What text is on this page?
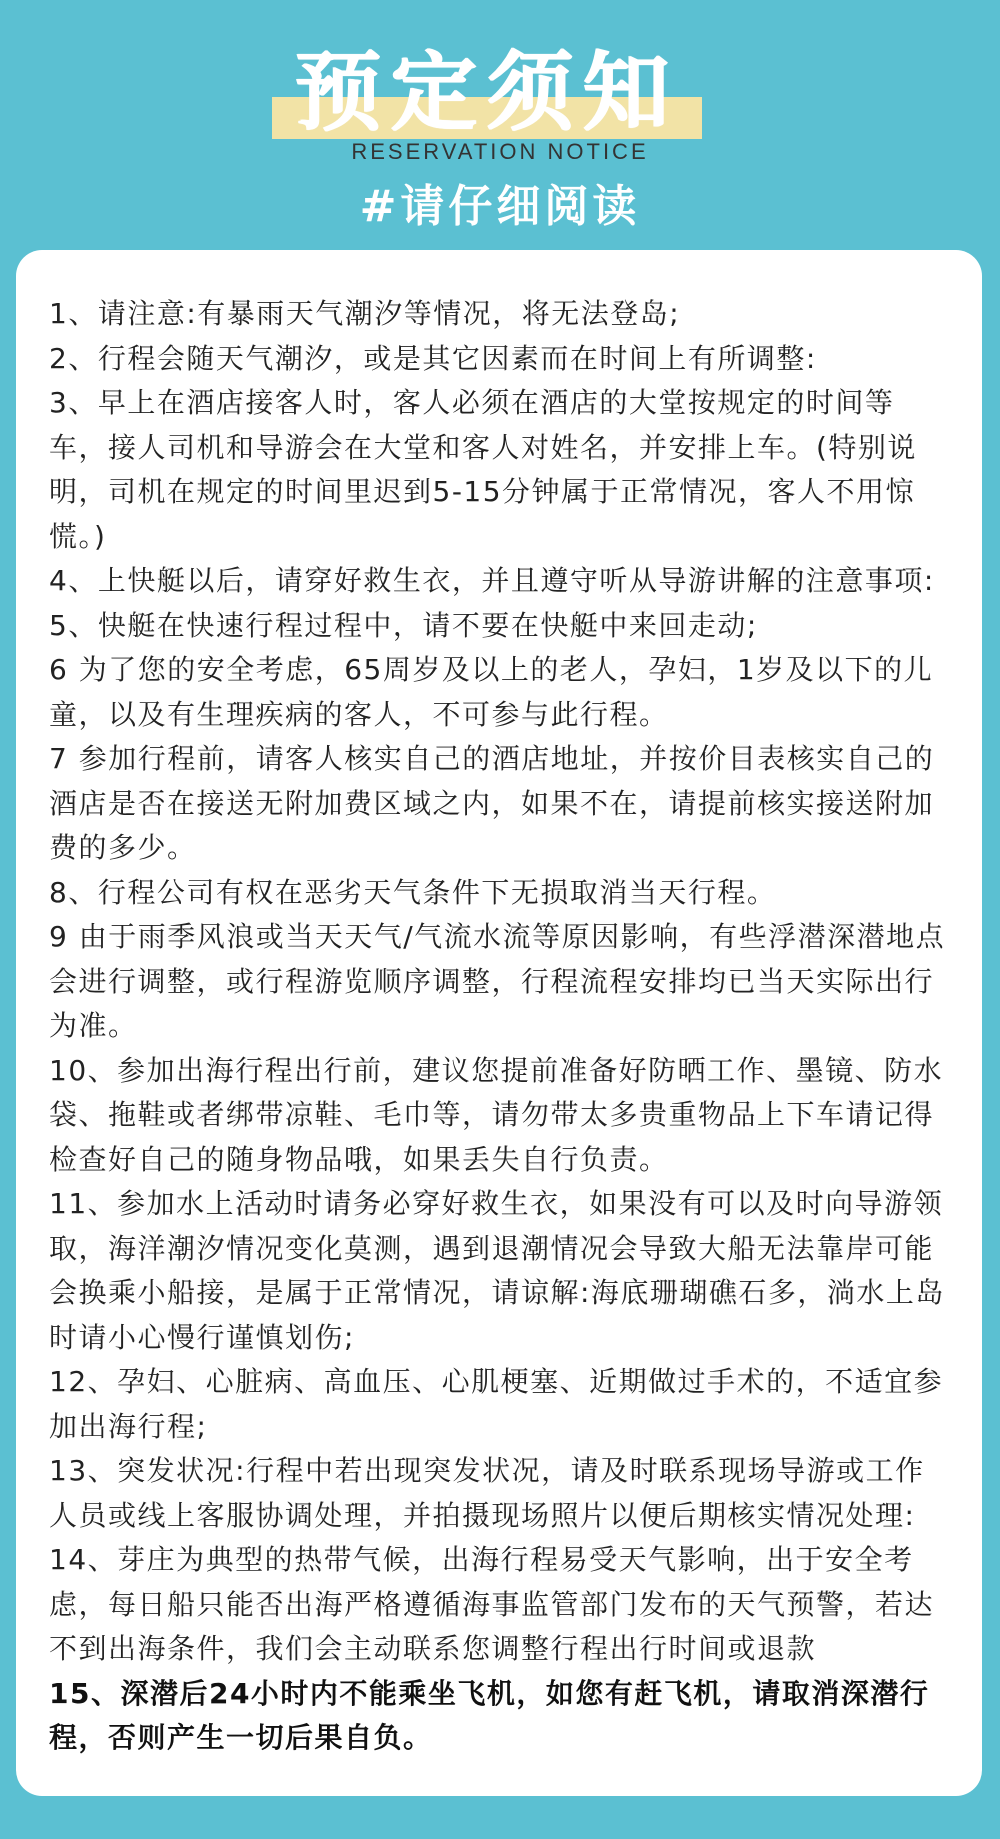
预定须知
RESERVATION NOTICE
#请仔细阅读
1、请注意:有暴雨天气潮汐等情况，将无法登岛;
2、行程会随天气潮汐，或是其它因素而在时间上有所调整:
3、早上在酒店接客人时，客人必须在酒店的大堂按规定的时间等车，接人司机和导游会在大堂和客人对姓名，并安排上车。(特别说明，司机在规定的时间里迟到5-15分钟属于正常情况，客人不用惊慌。)
4、上快艇以后，请穿好救生衣，并且遵守听从导游讲解的注意事项:
5、快艇在快速行程过程中，请不要在快艇中来回走动;
6 为了您的安全考虑，65周岁及以上的老人，孕妇，1岁及以下的儿童，以及有生理疾病的客人，不可参与此行程。
7 参加行程前，请客人核实自己的酒店地址，并按价目表核实自己的酒店是否在接送无附加费区域之内，如果不在，请提前核实接送附加费的多少。
8、行程公司有权在恶劣天气条件下无损取消当天行程。
9 由于雨季风浪或当天天气/气流水流等原因影响，有些浮潜深潜地点会进行调整，或行程游览顺序调整，行程流程安排均已当天实际出行为准。
10、参加出海行程出行前，建议您提前准备好防晒工作、墨镜、防水袋、拖鞋或者绑带凉鞋、毛巾等，请勿带太多贵重物品上下车请记得检查好自己的随身物品哦，如果丢失自行负责。
11、参加水上活动时请务必穿好救生衣，如果没有可以及时向导游领取，海洋潮汐情况变化莫测，遇到退潮情况会导致大船无法靠岸可能会换乘小船接，是属于正常情况，请谅解:海底珊瑚礁石多，淌水上岛时请小心慢行谨慎划伤;
12、孕妇、心脏病、高血压、心肌梗塞、近期做过手术的，不适宜参加出海行程;
13、突发状况:行程中若出现突发状况，请及时联系现场导游或工作人员或线上客服协调处理，并拍摄现场照片以便后期核实情况处理:
14、芽庄为典型的热带气候，出海行程易受天气影响，出于安全考虑，每日船只能否出海严格遵循海事监管部门发布的天气预警，若达不到出海条件，我们会主动联系您调整行程出行时间或退款
15、深潜后24小时内不能乘坐飞机，如您有赶飞机，请取消深潜行程，否则产生一切后果自负。
